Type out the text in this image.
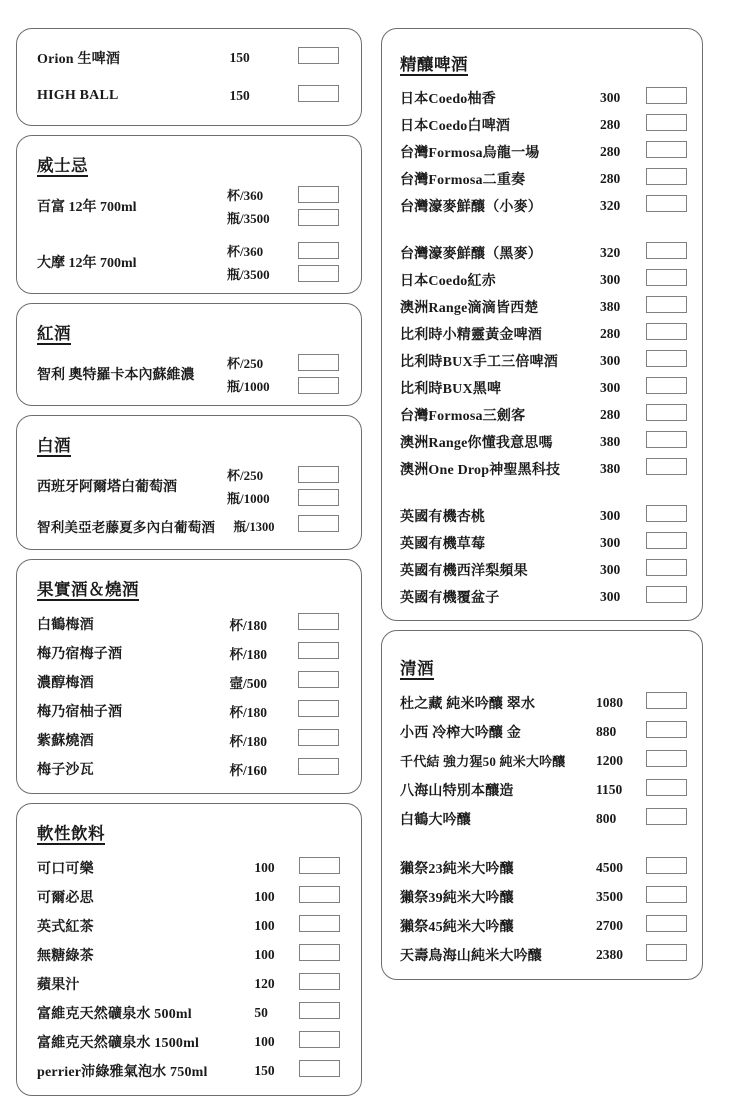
Orion 生啤酒	150	
HIGH BALL	150	
威士忌
百富 12年 700ml
杯/360
瓶/3500
大摩 12年 700ml
杯/360
瓶/3500
紅酒
智利 奧特羅卡本內蘇維濃
杯/250
瓶/1000
白酒
西班牙阿爾塔白葡萄酒
杯/250
瓶/1000
智利美亞老藤夏多內白葡萄酒	瓶/1300	
果實酒＆燒酒
白鶴梅酒	杯/180	
梅乃宿梅子酒	杯/180	
濃醇梅酒	壼/500	
梅乃宿柚子酒	杯/180	
紫蘇燒酒	杯/180	
梅子沙瓦	杯/160	
軟性飲料
可口可樂	100	
可爾必思	100	
英式紅茶	100	
無糖綠茶	100	
蘋果汁	120	
富維克天然礦泉水 500ml	50	
富維克天然礦泉水 1500ml	100	
perrier沛綠雅氣泡水 750ml	150	
精釀啤酒
日本Coedo柚香	300	
日本Coedo白啤酒	280	
台灣Formosa烏龍一場	280	
台灣Formosa二重奏	280	
台灣濠麥鮮釀（小麥）	320	

台灣濠麥鮮釀（黑麥）	320	
日本Coedo紅赤	300	
澳洲Range滴滴皆西楚	380	
比利時小精靈黃金啤酒	280	
比利時BUX手工三倍啤酒	300	
比利時BUX黑啤	300	
台灣Formosa三劍客	280	
澳洲Range你懂我意思嗎	380	
澳洲One Drop神聖黑科技	380	

英國有機杏桃	300	
英國有機草莓	300	
英國有機西洋梨頻果	300	
英國有機覆盆子	300	
清酒
杜之藏 純米吟釀 翠水	1080	
小西 冷榨大吟釀 金	880	
千代結 強力猩50 純米大吟釀	1200	
八海山特別本釀造	1150	
白鶴大吟釀	800	

獺祭23純米大吟釀	4500	
獺祭39純米大吟釀	3500	
獺祭45純米大吟釀	2700	
天壽鳥海山純米大吟釀	2380	
